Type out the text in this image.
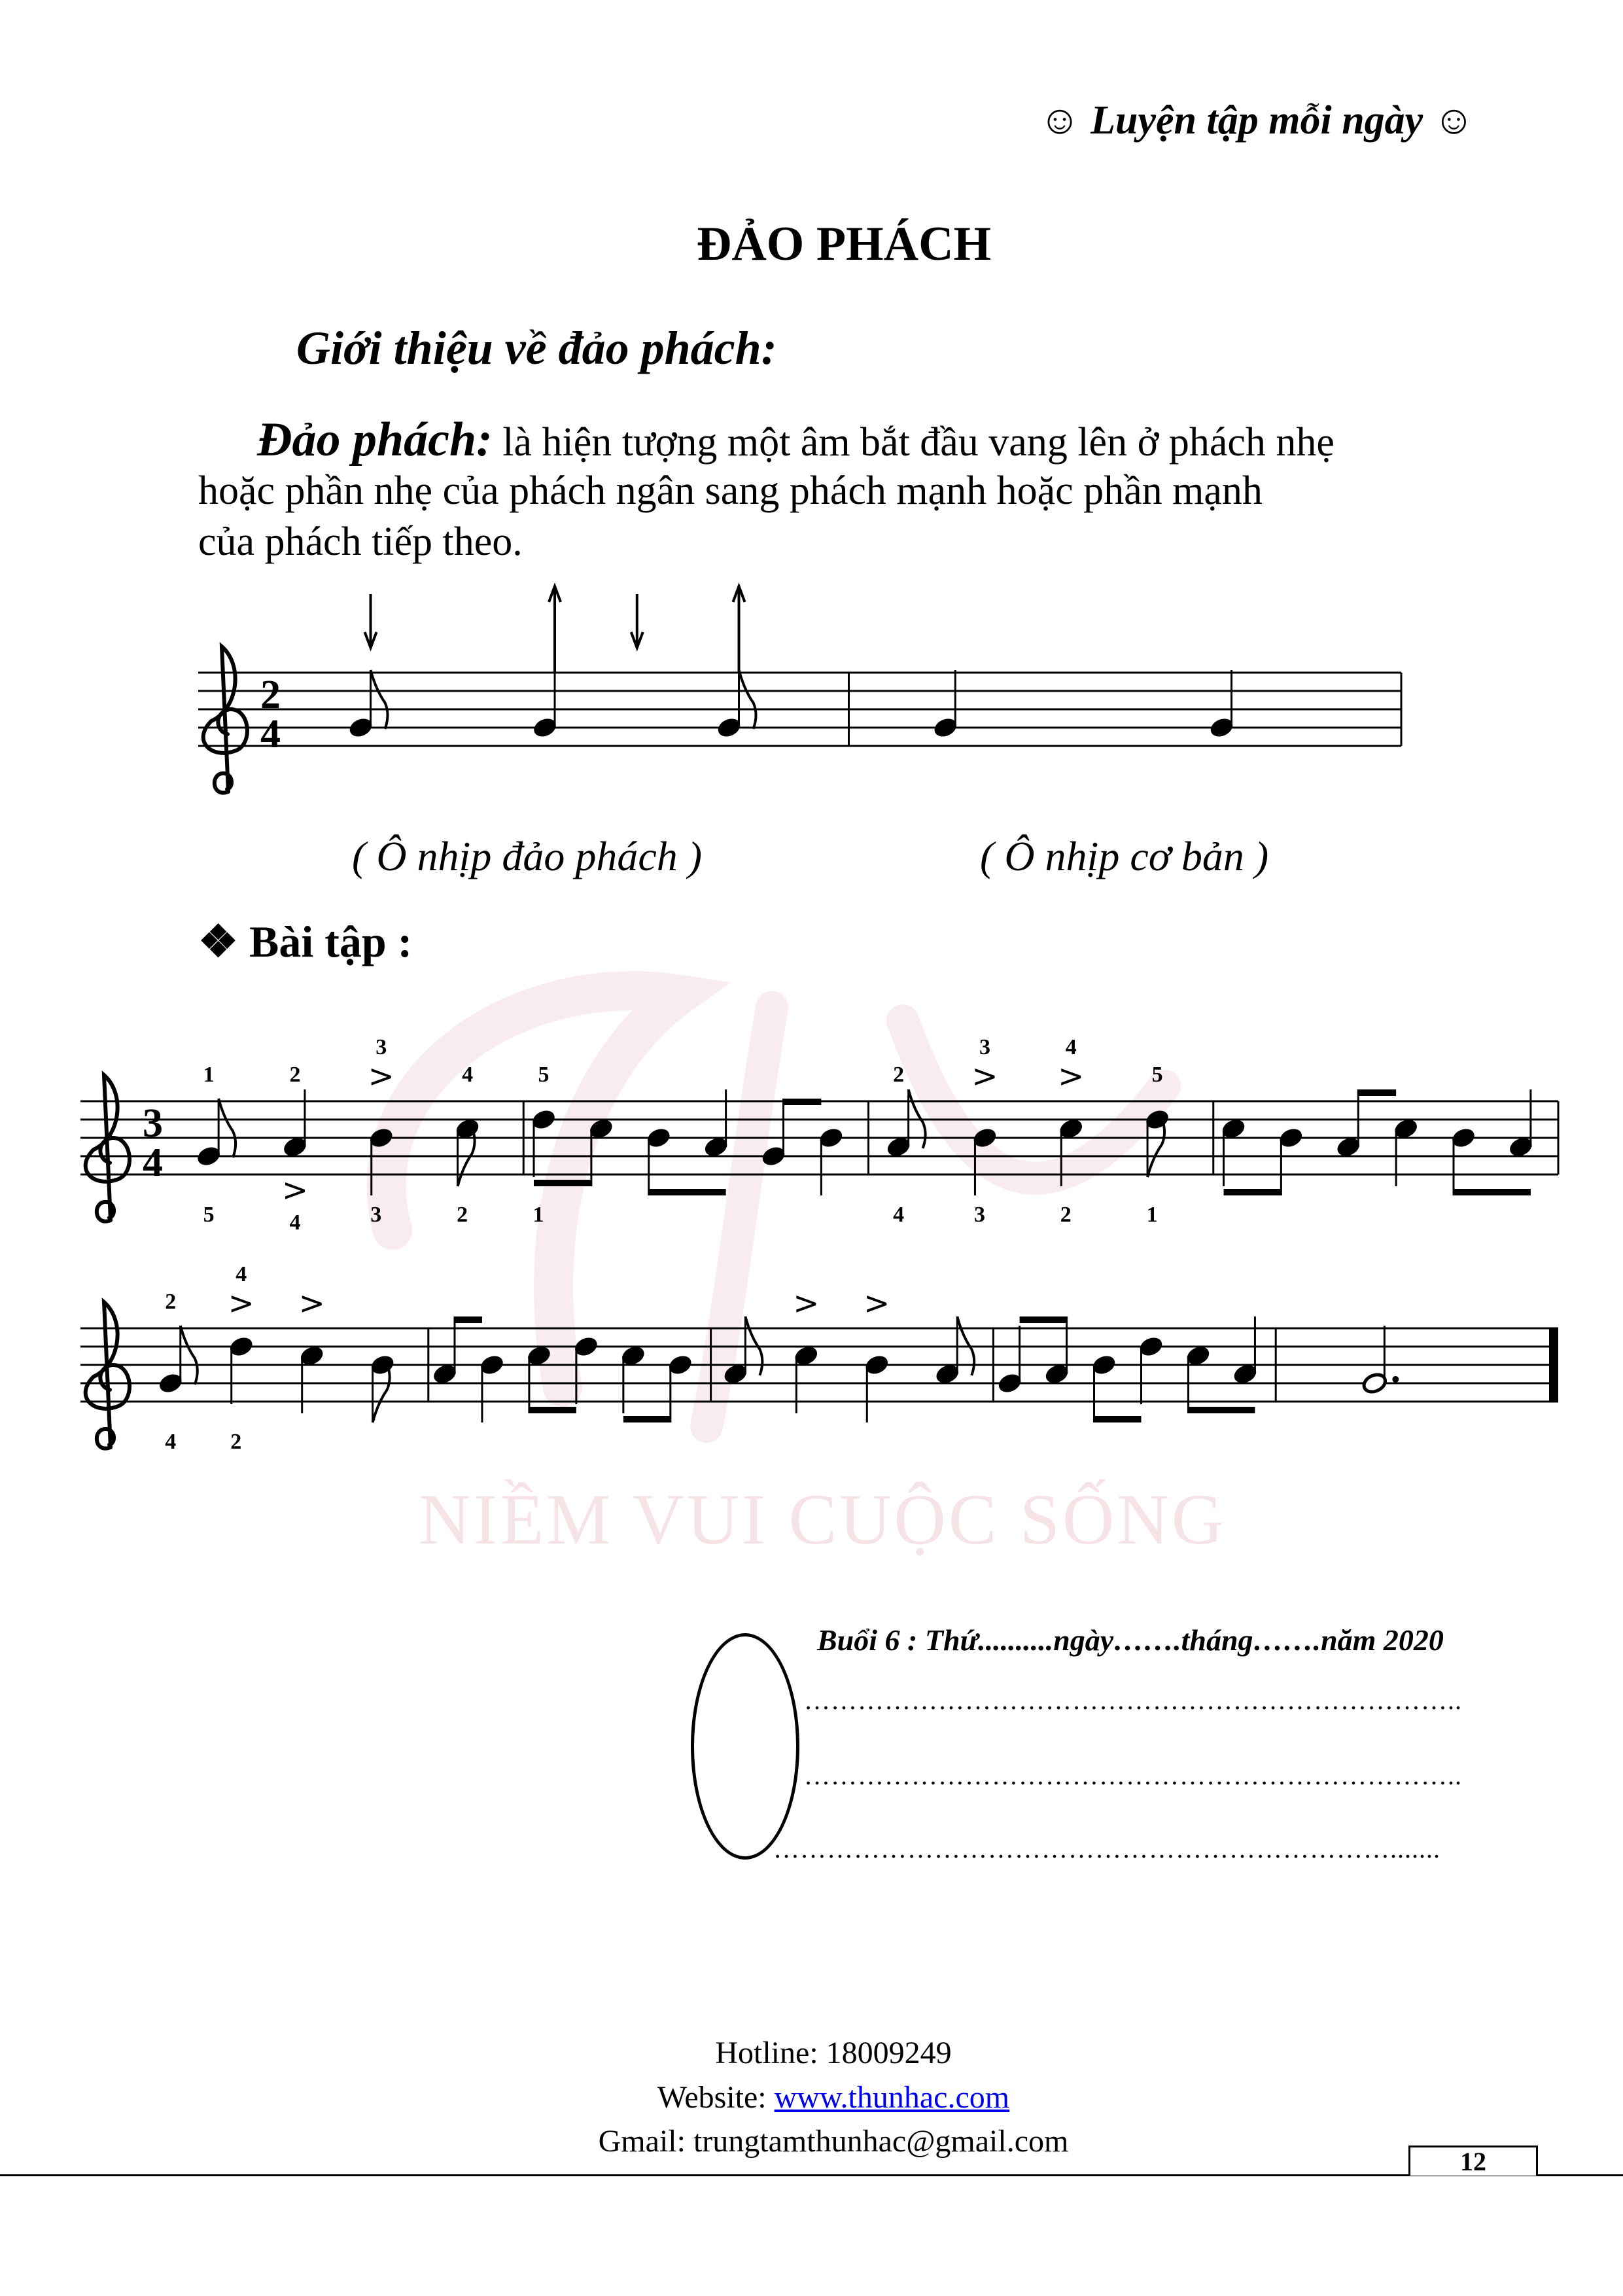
NIỀM VUI CUỘC SỐNG
☺ Luyện tập mỗi ngày ☺
ĐẢO PHÁCH
Giới thiệu về đảo phách:
Đảo phách: là hiện tượng một âm bắt đầu vang lên ở phách nhẹ
hoặc phần nhẹ của phách ngân sang phách mạnh hoặc phần mạnh
của phách tiếp theo.
2
4
3
4
1
5
2
>
4
3
>
3
4
2
5
1
2
4
3
>
3
4
>
2
5
1
2
4
4
>
2
>	> >
( Ô nhịp đảo phách )	( Ô nhịp cơ bản )
❖ Bài tập :
Buổi 6 : Thứ..........ngày…….tháng…….năm 2020
………………………………………………………………..
………………………………………………………………..
…………………………………………………………….......
Hotline: 18009249
Website: www.thunhac.com
Gmail: trungtamthunhac@gmail.com
12
